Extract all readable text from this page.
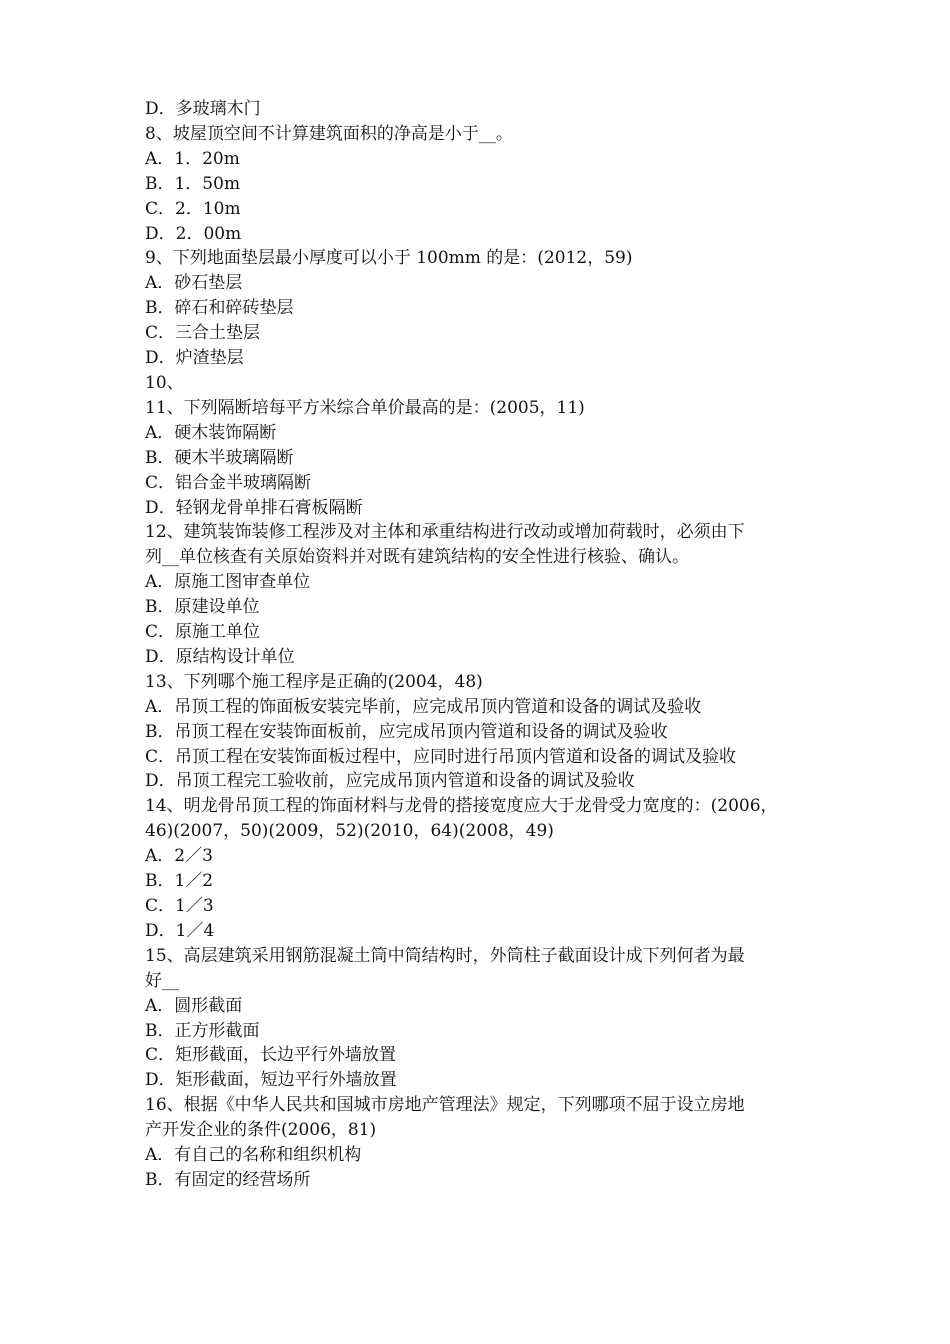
D．多玻璃木门

8、坡屋顶空间不计算建筑面积的净高是小于__。

A．1．20m

B．1．50m

C．2．10m

D．2．00m

9、下列地面垫层最小厚度可以小于 100mm 的是：(2012，59)

A．砂石垫层

B．碎石和碎砖垫层

C．三合土垫层

D．炉渣垫层

10、

11、下列隔断培每平方米综合单价最高的是：(2005，11)

A．硬木装饰隔断

B．硬木半玻璃隔断

C．铝合金半玻璃隔断

D．轻钢龙骨单排石膏板隔断

12、建筑装饰装修工程涉及对主体和承重结构进行改动或增加荷载时，必须由下

列__单位核查有关原始资料并对既有建筑结构的安全性进行核验、确认。

A．原施工图审查单位

B．原建设单位

C．原施工单位

D．原结构设计单位

13、下列哪个施工程序是正确的(2004，48)

A．吊顶工程的饰面板安装完毕前，应完成吊顶内管道和设备的调试及验收

B．吊顶工程在安装饰面板前，应完成吊顶内管道和设备的调试及验收

C．吊顶工程在安装饰面板过程中，应同时进行吊顶内管道和设备的调试及验收

D．吊顶工程完工验收前，应完成吊顶内管道和设备的调试及验收

14、明龙骨吊顶工程的饰面材料与龙骨的搭接宽度应大于龙骨受力宽度的：(2006，

46)(2007，50)(2009，52)(2010，64)(2008，49)

A．2／3

B．1／2

C．1／3

D．1／4

15、高层建筑采用钢筋混凝土筒中筒结构时，外筒柱子截面设计成下列何者为最

好__

A．圆形截面

B．正方形截面

C．矩形截面，长边平行外墙放置

D．矩形截面，短边平行外墙放置

16、根据《中华人民共和国城市房地产管理法》规定，下列哪项不屈于设立房地

产开发企业的条件(2006，81)

A．有自己的名称和组织机构

B．有固定的经营场所
